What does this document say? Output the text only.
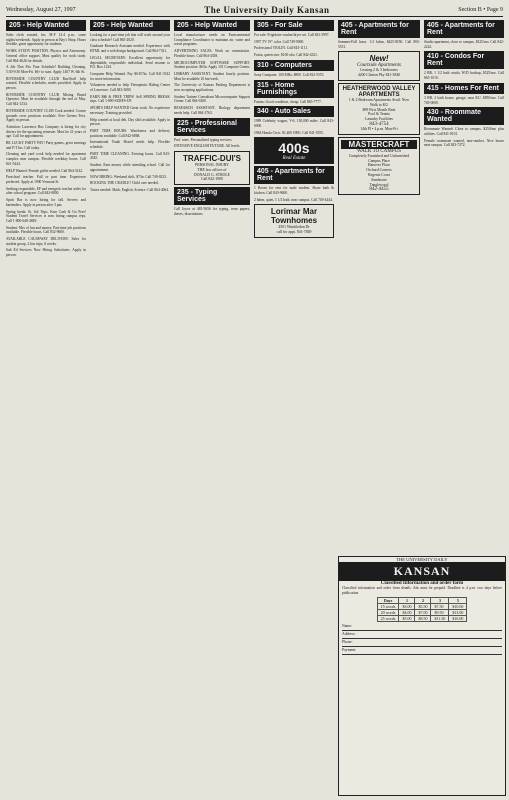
Wednesday, August 27, 1997	The University Daily Kansan	Section B • Page 9
205 - Help Wanted

Sales clerk wanted, hrs. M-F 12-4 p.m., some nights/weekends. Apply in person at Bay's Shop. Hours flexible, great opportunity for students.

WORK STUDY POSITION. Physics and Astronomy. General office support. Must qualify for work study. Call 864-4626 for details.

A Job That Fits Your Schedule! Building Cleaning. 5:30-9:30 Mon-Fri. $6+ to start. Apply 1407 W. 6th St.

RIVERSIDE COUNTRY CLUB Bus/Staff help wanted. Flexible schedules, meals provided. Apply in person.

RIVERSIDE COUNTRY CLUB Mixing Board Operator. Must be available through the end of May. Call 842-1234.

RIVERSIDE COUNTRY CLUB Cook needed. Course grounds crew positions available. Free Greens Fees. Apply in person.

Attention: Lawrence Bus Company is hiring for city drivers for the upcoming semester. Must be 21 years of age. Call for appointment.

BE LUCKY PARTY PAY! Party games, great earnings and F/T hrs. Call today.

Cleaning and yard work help needed for apartment complex near campus. Flexible weekday hours. Call 841-5444.

HELP Wanted: Female golfer needed. Call 864-3142.

Preschool teacher. Full or part time. Experience preferred. Apply at 1900 Vermont St.

Seeking responsible, EF and energetic teacher aides for after school program. Call 842-0800.

Spirit Bar is now hiring for fall. Servers and bartenders. Apply in person after 3 pm.

Spring break: St. Sol Trips. Earn Cash & Go Free! Student Travel Services is now hiring campus reps. Call 1-800-648-4849.

Student: Mix of fun and money. Part-time job positions available. Flexible hours. Call 832-9600.

AVAILABLE CAUSEWAY DELIVERY: Sales for student group, 2 bus trips, 6 weeks.

Sub Ed Services Now Hiring Substitutes. Apply in person.

205 - Help Wanted

Looking for a part-time job that will work around your class schedule? Call 865-2020.

Graduate Research Assistant needed. Experience with HTML and a web design background. Call 864-7321.

LEGAL SECRETARY: Excellent opportunity for dependable, responsible individual. Send resume to P.O. Box 1234.

Computer Help Wanted. Pay $6-$7/hr. Call 841-3332 for more information.

Volunteers needed to help Therapeutic Riding Center of Lawrence. Call 843-3000.

EARN $$$ & FREE TRIPS! Sell SPRING BREAK trips. Call 1-800-SURFS-UP.

SPORTS HELP WANTED Great work. No experience necessary. Training provided.

Help wanted at local deli. Day shift available. Apply in person.

PART TIME HOURS. Warehouse and delivery positions available. Call 842-6868.

International Youth Hostel needs help. Flexible schedule.

PART TIME CLEANING. Evening hours. Call 843-4545.

Student: Earn money while attending school. Call for appointment.

NOW HIRING: Weekend shift, $7/hr. Call 749-0233.

ROCKING THE CRADLE? Child care needed.

Tutors needed: Math, English, Science. Call 864-4064.

205 - Help Wanted

Local manufacturer needs an Environmental Compliance Coordinator to maintain air, water and waste programs.

ADVERTISING SALES. Work on commission. Flexible hours. Call 864-4358.

MICROCOMPUTER SOFTWARE SUPPORT: Student position. $6/hr. Apply 101 Computer Center.

LIBRARY ASSISTANT. Student hourly position. Must be available 10 hrs/week.

The University of Kansas Parking Department is now accepting applications.

Student Trainee Consultant Microcomputer Support Center. Call 864-0200.

RESEARCH ASSISTANT. Biology department needs help. Call 864-3763.

225 - Professional Services

Prof. rates. Personalized typing services.

INTENSIVE ENGLISH FUTURE. All levels.

TRAFFIC-DUI'S
PERSONAL INJURY
THE law offices of
DONALD G. STROLE
Call 842-1900
235 - Typing Services

Call Joyce at 481-5656 for typing, term papers, theses, dissertations.

305 - For Sale

For sale: Frigidaire washer/dryer set. Call 841-3997.

1997 TV 19" color. Call 749-9000.

Professional VIOLIN. Call 843-1111.

Futon, queen size. $100 obo. Call 842-4321.

310 - Computers

Sony Computer. 100 MHz, $800. Call 832-5555.

315 - Home Furnishings

Futons: Good condition, cheap. Call 865-7777.

340 - Auto Sales

1989 Celebrity wagon, V-6, 130,000 miles. Call 843-0000.

1984 Honda Civic. $1,400 OBO. Call 841-5555.

400s
Real Estate
405 - Apartments for Rent

1 Room for rent for male student. Share bath & kitchen. Call 843-9600.

2 bdrm, quiet, 1 1/2 bath, near campus. Call 749-4444.

Lorimar Mar Townhomes
4501 Wimbledon Dr
call for appt. 841-7849
405 - Apartments for Rent

Summer-Fall lease. 1-2 bdrm, $425-$550. Call 865-5551.

New!
Courtside Apartments
Leasing 2 & 3 bedrooms
4200 Clinton Pky 841-3840
HEATHERWOOD VALLEY APARTMENTS
1 & 2 Bedroom Apartments Avail. Now
Walk to KU
$99 First Month Rent
Pool & Tennis
Laundry Facilities
843-4754
14th Pl • 4 p.m. Mon-Fri
MASTERCRAFT
WALK TO CAMPUS
Completely Furnished and Unfurnished
Campus Place
Hanover Place
Orchard Corners
Regents Court
Sandstone
Tanglewood
842-4455
405 - Apartments for Rent

Studio apartment, close to campus. $325/mo. Call 842-2222.

410 - Condos For Rent

2 BR, 1 1/2 bath condo, W/D hookup, $525/mo. Call 865-1010.

415 - Homes For Rent

3 BR, 2 bath house, garage, near KU. $850/mo. Call 749-0000.

430 - Roommate Wanted

Roommate Wanted: Close to campus. $250/mo plus utilities. Call 841-0101.

Female roommate wanted, non-smoker. Nice house near campus. Call 843-7272.

THE UNIVERSITY DAILY
KANSAN
Classified Information and order form
Classified information and order form details. Ads must be prepaid. Deadline is 4 p.m. two days before publication.
Days	1	2	3	5
15 words	$3.00	$5.50	$7.50	$10.00
20 words	$4.00	$7.00	$9.50	$13.00
25 words	$5.00	$8.50	$11.50	$16.00
Name:
Address:
Phone:
Payment:
